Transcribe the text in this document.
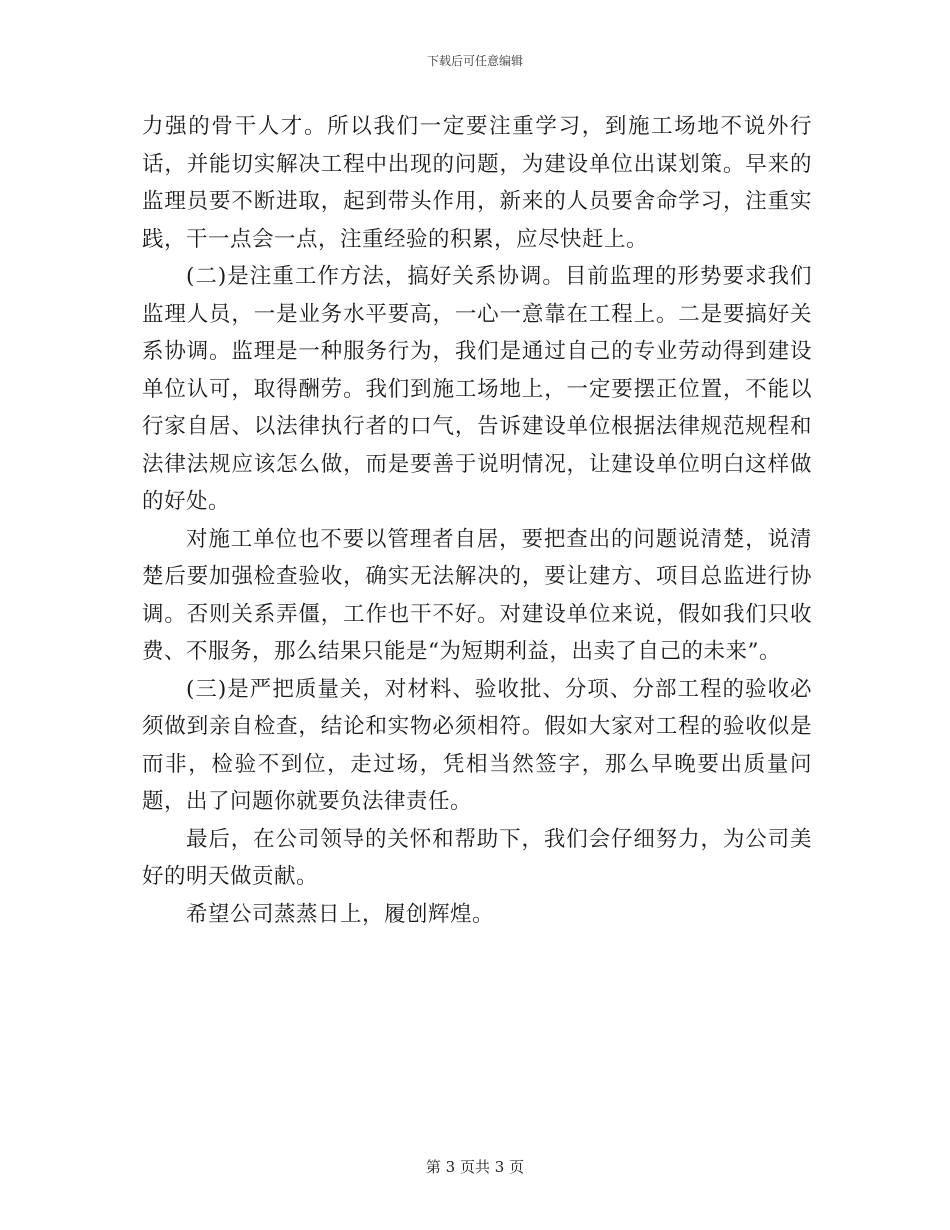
下载后可任意编辑

力强的骨干人才。所以我们一定要注重学习，到施工场地不说外行话，并能切实解决工程中出现的问题，为建设单位出谋划策。早来的监理员要不断进取，起到带头作用，新来的人员要舍命学习，注重实践，干一点会一点，注重经验的积累，应尽快赶上。

(二)是注重工作方法，搞好关系协调。目前监理的形势要求我们监理人员，一是业务水平要高，一心一意靠在工程上。二是要搞好关系协调。监理是一种服务行为，我们是通过自己的专业劳动得到建设单位认可，取得酬劳。我们到施工场地上，一定要摆正位置，不能以行家自居、以法律执行者的口气，告诉建设单位根据法律规范规程和法律法规应该怎么做，而是要善于说明情况，让建设单位明白这样做的好处。

对施工单位也不要以管理者自居，要把查出的问题说清楚，说清楚后要加强检查验收，确实无法解决的，要让建方、项目总监进行协调。否则关系弄僵，工作也干不好。对建设单位来说，假如我们只收费、不服务，那么结果只能是“为短期利益，出卖了自己的未来”。

(三)是严把质量关，对材料、验收批、分项、分部工程的验收必须做到亲自检查，结论和实物必须相符。假如大家对工程的验收似是而非，检验不到位，走过场，凭相当然签字，那么早晚要出质量问题，出了问题你就要负法律责任。

最后，在公司领导的关怀和帮助下，我们会仔细努力，为公司美好的明天做贡献。

希望公司蒸蒸日上，履创辉煌。

第 3 页共 3 页
